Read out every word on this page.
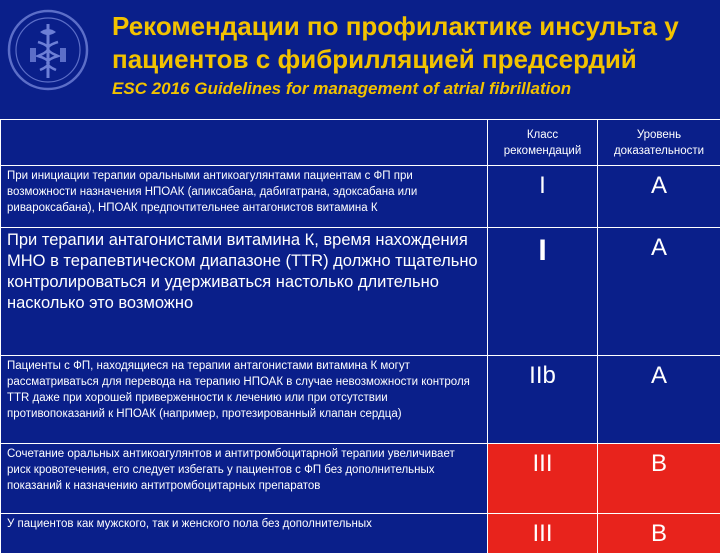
Рекомендации по профилактике инсульта у
пациентов с фибрилляцией предсердий
ESC 2016 Guidelines for management of atrial fibrillation
	Класс рекомендаций	Уровень доказательности
При инициации терапии оральными антикоагулянтами пациентам с ФП при возможности назначения НПОАК (апиксабана, дабигатрана, эдоксабана или ривароксабана), НПОАК предпочтительнее антагонистов витамина К	I	A
При терапии антагонистами витамина К, время нахождения МНО в терапевтическом диапазоне (TTR) должно тщательно контролироваться и удерживаться настолько длительно насколько это возможно	I	A
Пациенты с ФП, находящиеся на терапии антагонистами витамина К могут рассматриваться для перевода на терапию НПОАК в случае невозможности контроля TTR даже при хорошей приверженности к лечению или при отсутствии противопоказаний к НПОАК (например, протезированный клапан сердца)	IIb	A
Сочетание оральных антикоагулянтов и антитромбоцитарной терапии увеличивает риск кровотечения, его следует избегать у пациентов с ФП без дополнительных показаний к назначению антитромбоцитарных препаратов	III	B
У пациентов как мужского, так и женского пола без дополнительных	III	B
